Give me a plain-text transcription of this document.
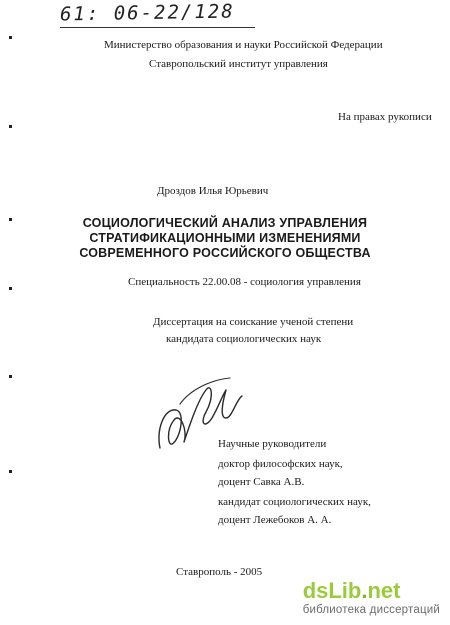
61: 06-22/128
Министерство образования и науки Российской Федерации
Ставропольский институт управления
На правах рукописи
Дроздов Илья Юрьевич
СОЦИОЛОГИЧЕСКИЙ АНАЛИЗ УПРАВЛЕНИЯ
СТРАТИФИКАЦИОННЫМИ ИЗМЕНЕНИЯМИ
СОВРЕМЕННОГО РОССИЙСКОГО ОБЩЕСТВА
Специальность 22.00.08 - социология управления
Диссертация на соискание ученой степени
кандидата социологических наук
Научные руководители
доктор философских наук,
доцент Савка А.В.
кандидат социологических наук,
доцент Лежебоков А. А.
Ставрополь - 2005
dsLib.net
библиотека диссертаций
